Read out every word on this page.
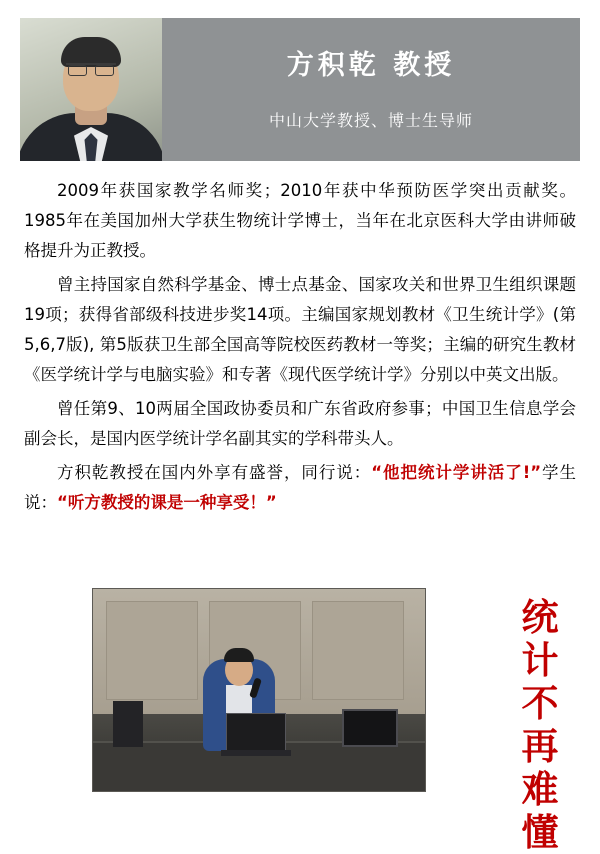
方积乾 教授
中山大学教授、博士生导师

2009年获国家教学名师奖；2010年获中华预防医学突出贡献奖。1985年在美国加州大学获生物统计学博士，当年在北京医科大学由讲师破格提升为正教授。

曾主持国家自然科学基金、博士点基金、国家攻关和世界卫生组织课题19项；获得省部级科技进步奖14项。主编国家规划教材《卫生统计学》(第5,6,7版), 第5版获卫生部全国高等院校医药教材一等奖；主编的研究生教材《医学统计学与电脑实验》和专著《现代医学统计学》分别以中英文出版。

曾任第9、10两届全国政协委员和广东省政府参事；中国卫生信息学会副会长，是国内医学统计学名副其实的学科带头人。

方积乾教授在国内外享有盛誉，同行说：“他把统计学讲活了!”学生说：“听方教授的课是一种享受！”

统
计
不
再
难
懂
